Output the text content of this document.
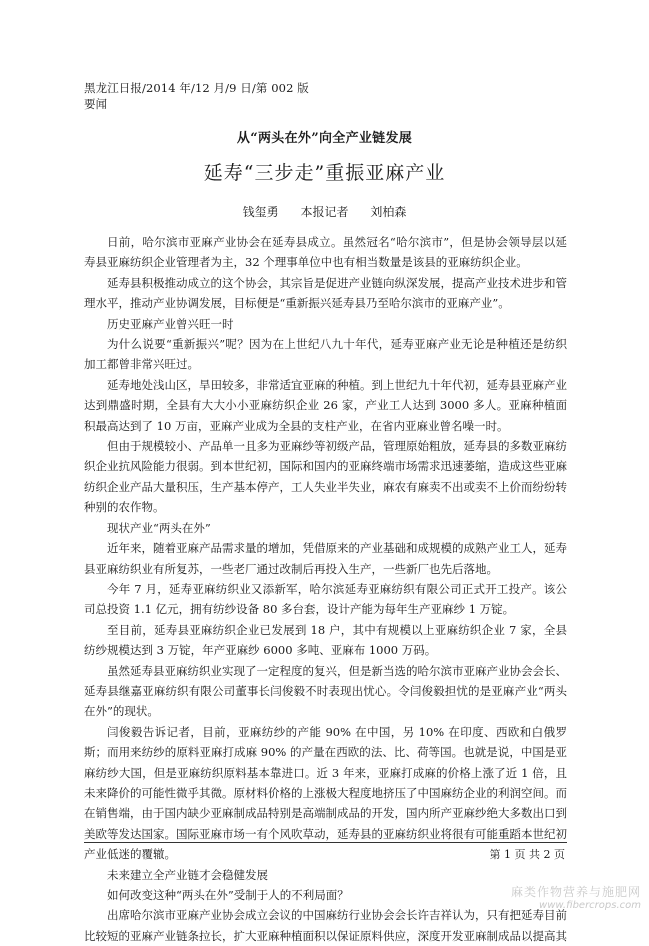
黑龙江日报/2014 年/12 月/9 日/第 002 版
要闻
从“两头在外”向全产业链发展
延寿“三步走”重振亚麻产业
钱玺勇 本报记者 刘柏森

日前，哈尔滨市亚麻产业协会在延寿县成立。虽然冠名“哈尔滨市”，但是协会领导层以延寿县亚麻纺织企业管理者为主，32 个理事单位中也有相当数量是该县的亚麻纺织企业。

延寿县积极推动成立的这个协会，其宗旨是促进产业链向纵深发展，提高产业技术进步和管理水平，推动产业协调发展，目标便是“重新振兴延寿县乃至哈尔滨市的亚麻产业”。

历史亚麻产业曾兴旺一时

为什么说要“重新振兴”呢？因为在上世纪八九十年代，延寿亚麻产业无论是种植还是纺织加工都曾非常兴旺过。

延寿地处浅山区，旱田较多，非常适宜亚麻的种植。到上世纪九十年代初，延寿县亚麻产业达到鼎盛时期，全县有大大小小亚麻纺织企业 26 家，产业工人达到 3000 多人。亚麻种植面积最高达到了 10 万亩，亚麻产业成为全县的支柱产业，在省内亚麻业曾名噪一时。

但由于规模较小、产品单一且多为亚麻纱等初级产品，管理原始粗放，延寿县的多数亚麻纺织企业抗风险能力很弱。到本世纪初，国际和国内的亚麻终端市场需求迅速萎缩，造成这些亚麻纺织企业产品大量积压，生产基本停产，工人失业半失业，麻农有麻卖不出或卖不上价而纷纷转种别的农作物。

现状产业“两头在外”

近年来，随着亚麻产品需求量的增加，凭借原来的产业基础和成规模的成熟产业工人，延寿县亚麻纺织业有所复苏，一些老厂通过改制后再投入生产，一些新厂也先后落地。

今年 7 月，延寿亚麻纺织业又添新军，哈尔滨延寿亚麻纺织有限公司正式开工投产。该公司总投资 1.1 亿元，拥有纺纱设备 80 多台套，设计产能为每年生产亚麻纱 1 万锭。

至目前，延寿县亚麻纺织企业已发展到 18 户，其中有规模以上亚麻纺织企业 7 家，全县纺纱规模达到 3 万锭，年产亚麻纱 6000 多吨、亚麻布 1000 万码。

虽然延寿县亚麻纺织业实现了一定程度的复兴，但是新当选的哈尔滨市亚麻产业协会会长、延寿县继嘉亚麻纺织有限公司董事长闫俊毅不时表现出忧心。令闫俊毅担忧的是亚麻产业“两头在外”的现状。

闫俊毅告诉记者，目前，亚麻纺纱的产能 90% 在中国，另 10% 在印度、西欧和白俄罗斯；而用来纺纱的原料亚麻打成麻 90% 的产量在西欧的法、比、荷等国。也就是说，中国是亚麻纺纱大国，但是亚麻纺织原料基本靠进口。近 3 年来，亚麻打成麻的价格上涨了近 1 倍，且未来降价的可能性微乎其微。原材料价格的上涨极大程度地挤压了中国麻纺企业的利润空间。而在销售端，由于国内缺少亚麻制成品特别是高端制成品的开发，国内所产亚麻纱绝大多数出口到美欧等发达国家。国际亚麻市场一有个风吹草动，延寿县的亚麻纺织业将很有可能重蹈本世纪初产业低迷的覆辙。

未来建立全产业链才会稳健发展

如何改变这种“两头在外”受制于人的不利局面？

出席哈尔滨市亚麻产业协会成立会议的中国麻纺行业协会会长许吉祥认为，只有把延寿目前比较短的亚麻产业链条拉长，扩大亚麻种植面积以保证原料供应，深度开发亚麻制成品以提高其

第 1 页 共 2 页
麻类作物营养与施肥网
www.fibercrops.com
